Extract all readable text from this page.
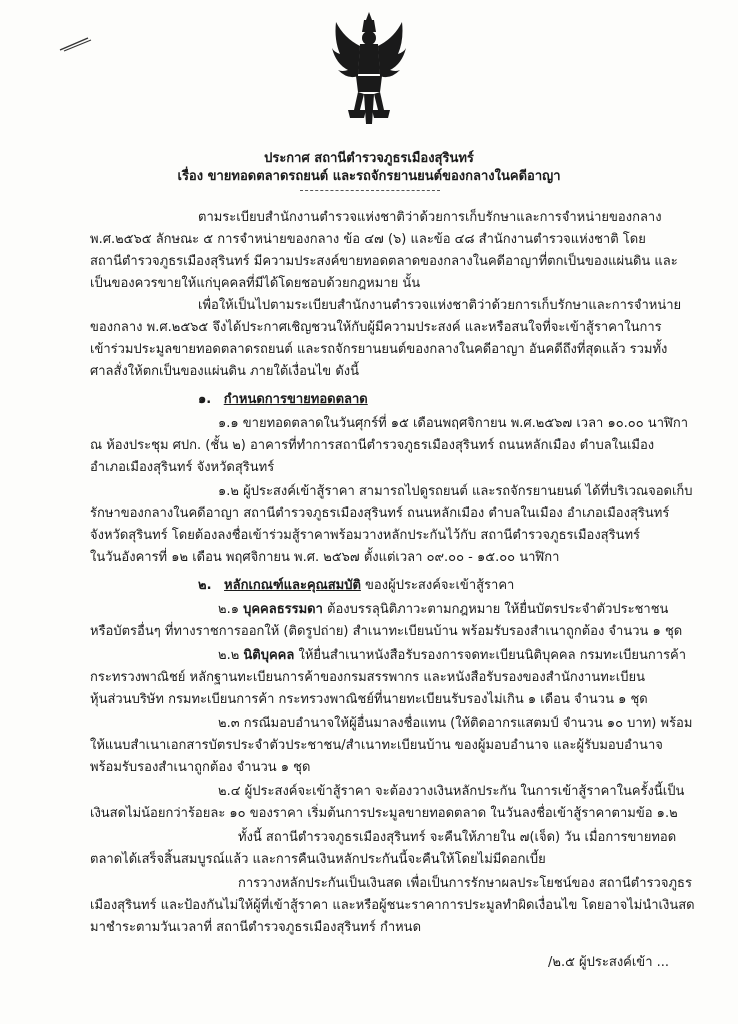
ประกาศ สถานีตำรวจภูธรเมืองสุรินทร์
เรื่อง ขายทอดตลาดรถยนต์ และรถจักรยานยนต์ของกลางในคดีอาญา
ตามระเบียบสำนักงานตำรวจแห่งชาติว่าด้วยการเก็บรักษาและการจำหน่ายของกลาง
พ.ศ.๒๕๖๕ ลักษณะ ๕ การจำหน่ายของกลาง ข้อ ๔๗ (๖) และข้อ ๔๘ สำนักงานตำรวจแห่งชาติ โดย
สถานีตำรวจภูธรเมืองสุรินทร์ มีความประสงค์ขายทอดตลาดของกลางในคดีอาญาที่ตกเป็นของแผ่นดิน และ
เป็นของควรขายให้แก่บุคคลที่มีได้โดยชอบด้วยกฎหมาย นั้น
เพื่อให้เป็นไปตามระเบียบสำนักงานตำรวจแห่งชาติว่าด้วยการเก็บรักษาและการจำหน่าย
ของกลาง พ.ศ.๒๕๖๕ จึงได้ประกาศเชิญชวนให้กับผู้มีความประสงค์ และหรือสนใจที่จะเข้าสู้ราคาในการ
เข้าร่วมประมูลขายทอดตลาดรถยนต์ และรถจักรยานยนต์ของกลางในคดีอาญา อันคดีถึงที่สุดแล้ว รวมทั้ง
ศาลสั่งให้ตกเป็นของแผ่นดิน ภายใต้เงื่อนไข ดังนี้
๑. กำหนดการขายทอดตลาด
๑.๑ ขายทอดตลาดในวันศุกร์ที่ ๑๕ เดือนพฤศจิกายน พ.ศ.๒๕๖๗ เวลา ๑๐.๐๐ นาฬิกา
ณ ห้องประชุม ศปก. (ชั้น ๒) อาคารที่ทำการสถานีตำรวจภูธรเมืองสุรินทร์ ถนนหลักเมือง ตำบลในเมือง
อำเภอเมืองสุรินทร์ จังหวัดสุรินทร์
๑.๒ ผู้ประสงค์เข้าสู้ราคา สามารถไปดูรถยนต์ และรถจักรยานยนต์ ได้ที่บริเวณจอดเก็บ
รักษาของกลางในคดีอาญา สถานีตำรวจภูธรเมืองสุรินทร์ ถนนหลักเมือง ตำบลในเมือง อำเภอเมืองสุรินทร์
จังหวัดสุรินทร์ โดยต้องลงชื่อเข้าร่วมสู้ราคาพร้อมวางหลักประกันไว้กับ สถานีตำรวจภูธรเมืองสุรินทร์
ในวันอังคารที่ ๑๒ เดือน พฤศจิกายน พ.ศ. ๒๕๖๗ ตั้งแต่เวลา ๐๙.๐๐ - ๑๕.๐๐ นาฬิกา
๒. หลักเกณฑ์และคุณสมบัติ ของผู้ประสงค์จะเข้าสู้ราคา
๒.๑ บุคคลธรรมดา ต้องบรรลุนิติภาวะตามกฎหมาย ให้ยื่นบัตรประจำตัวประชาชน
หรือบัตรอื่นๆ ที่ทางราชการออกให้ (ติดรูปถ่าย) สำเนาทะเบียนบ้าน พร้อมรับรองสำเนาถูกต้อง จำนวน ๑ ชุด
๒.๒ นิติบุคคล ให้ยื่นสำเนาหนังสือรับรองการจดทะเบียนนิติบุคคล กรมทะเบียนการค้า
กระทรวงพาณิชย์ หลักฐานทะเบียนการค้าของกรมสรรพากร และหนังสือรับรองของสำนักงานทะเบียน
หุ้นส่วนบริษัท กรมทะเบียนการค้า กระทรวงพาณิชย์ที่นายทะเบียนรับรองไม่เกิน ๑ เดือน จำนวน ๑ ชุด
๒.๓ กรณีมอบอำนาจให้ผู้อื่นมาลงชื่อแทน (ให้ติดอากรแสตมป์ จำนวน ๑๐ บาท) พร้อม
ให้แนบสำเนาเอกสารบัตรประจำตัวประชาชน/สำเนาทะเบียนบ้าน ของผู้มอบอำนาจ และผู้รับมอบอำนาจ
พร้อมรับรองสำเนาถูกต้อง จำนวน ๑ ชุด
๒.๔ ผู้ประสงค์จะเข้าสู้ราคา จะต้องวางเงินหลักประกัน ในการเข้าสู้ราคาในครั้งนี้เป็น
เงินสดไม่น้อยกว่าร้อยละ ๑๐ ของราคา เริ่มต้นการประมูลขายทอดตลาด ในวันลงชื่อเข้าสู้ราคาตามข้อ ๑.๒
ทั้งนี้ สถานีตำรวจภูธรเมืองสุรินทร์ จะคืนให้ภายใน ๗(เจ็ด) วัน เมื่อการขายทอด
ตลาดได้เสร็จสิ้นสมบูรณ์แล้ว และการคืนเงินหลักประกันนี้จะคืนให้โดยไม่มีดอกเบี้ย
การวางหลักประกันเป็นเงินสด เพื่อเป็นการรักษาผลประโยชน์ของ สถานีตำรวจภูธร
เมืองสุรินทร์ และป้องกันไม่ให้ผู้ที่เข้าสู้ราคา และหรือผู้ชนะราคาการประมูลทำผิดเงื่อนไข โดยอาจไม่นำเงินสด
มาชำระตามวันเวลาที่ สถานีตำรวจภูธรเมืองสุรินทร์ กำหนด
/๒.๕ ผู้ประสงค์เข้า ...
